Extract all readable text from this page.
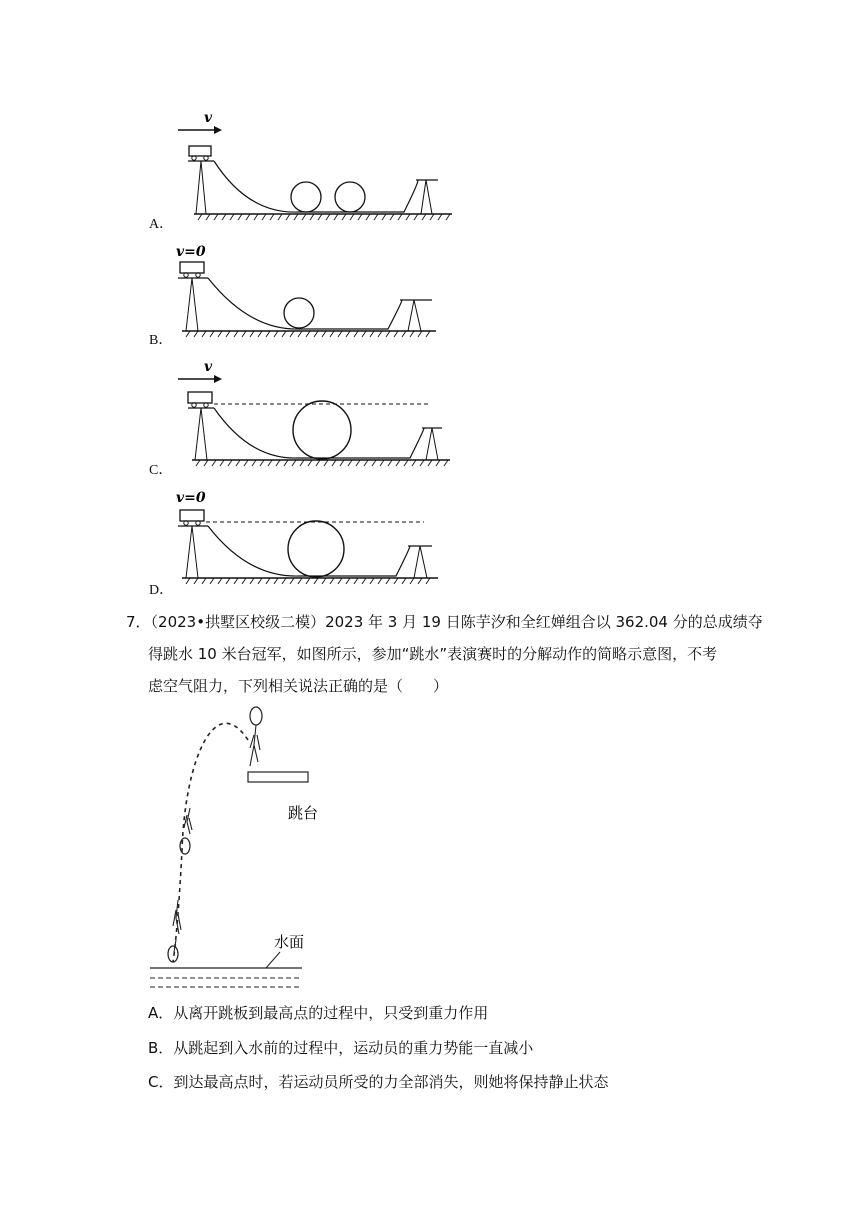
A．
v
B．
v=0
C．
v
D．
v=0
7．（2023•拱墅区校级二模）2023 年 3 月 19 日陈芋汐和全红婵组合以 362.04 分的总成绩夺
得跳水 10 米台冠军，如图所示，参加“跳水”表演赛时的分解动作的简略示意图，不考
虑空气阻力，下列相关说法正确的是（　　）
跳台
水面
A．从离开跳板到最高点的过程中，只受到重力作用
B．从跳起到入水前的过程中，运动员的重力势能一直减小
C．到达最高点时，若运动员所受的力全部消失，则她将保持静止状态
